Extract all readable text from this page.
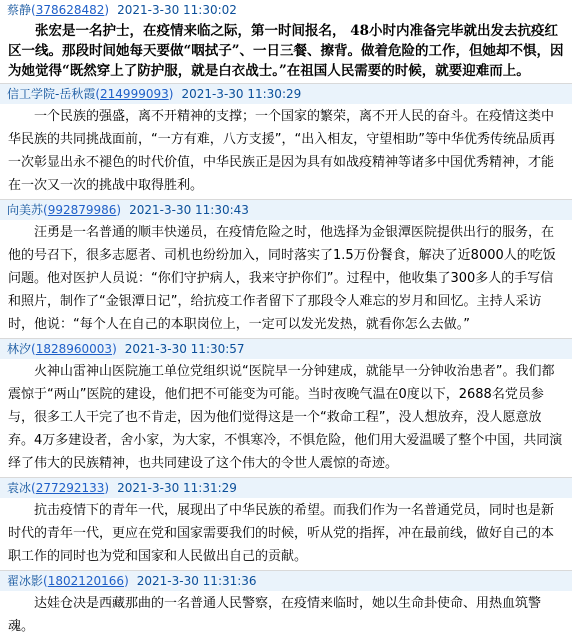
蔡静(378628482) 2021-3-30 11:30:02
张宏是一名护士，在疫情来临之际，第一时间报名， 48小时内准备完毕就出发去抗疫红区一线。那段时间她每天要做“咽拭子”、一日三餐、擦背。做着危险的工作，但她却不惧，因为她觉得“既然穿上了防护服，就是白衣战士。”在祖国人民需要的时候，就要迎难而上。
信工学院-岳秋霞(214999093) 2021-3-30 11:30:29
一个民族的强盛，离不开精神的支撑；一个国家的繁荣，离不开人民的奋斗。在疫情这类中华民族的共同挑战面前，“一方有难，八方支援”，“出入相友，守望相助”等中华优秀传统品质再一次彰显出永不褪色的时代价值，中华民族正是因为具有如战疫精神等诸多中国优秀精神，才能在一次又一次的挑战中取得胜利。
向美苏(992879986) 2021-3-30 11:30:43
汪勇是一名普通的顺丰快递员，在疫情危险之时，他选择为金银潭医院提供出行的服务，在他的号召下，很多志愿者、司机也纷纷加入，同时落实了1.5万份餐食，解决了近8000人的吃饭问题。他对医护人员说：“你们守护病人，我来守护你们”。过程中，他收集了300多人的手写信和照片，制作了“金银潭日记”，给抗疫工作者留下了那段令人难忘的岁月和回忆。主持人采访时，他说：“每个人在自己的本职岗位上，一定可以发光发热，就看你怎么去做。”
林汐(1828960003) 2021-3-30 11:30:57
火神山雷神山医院施工单位党组织说“医院早一分钟建成，就能早一分钟收治患者”。我们都震惊于“两山”医院的建设，他们把不可能变为可能。当时夜晚气温在0度以下，2688名党员参与，很多工人干完了也不肯走，因为他们觉得这是一个“救命工程”，没人想放弃，没人愿意放弃。4万多建设者，舍小家，为大家，不惧寒冷，不惧危险，他们用大爱温暖了整个中国，共同演绎了伟大的民族精神，也共同建设了这个伟大的令世人震惊的奇迹。
袁冰(277292133) 2021-3-30 11:31:29
抗击疫情下的青年一代，展现出了中华民族的希望。而我们作为一名普通党员，同时也是新时代的青年一代，更应在党和国家需要我们的时候，听从党的指挥，冲在最前线，做好自己的本职工作的同时也为党和国家和人民做出自己的贡献。
翟冰影(1802120166) 2021-3-30 11:31:36
达娃仓决是西藏那曲的一名普通人民警察，在疫情来临时，她以生命卦使命、用热血筑警魂。
